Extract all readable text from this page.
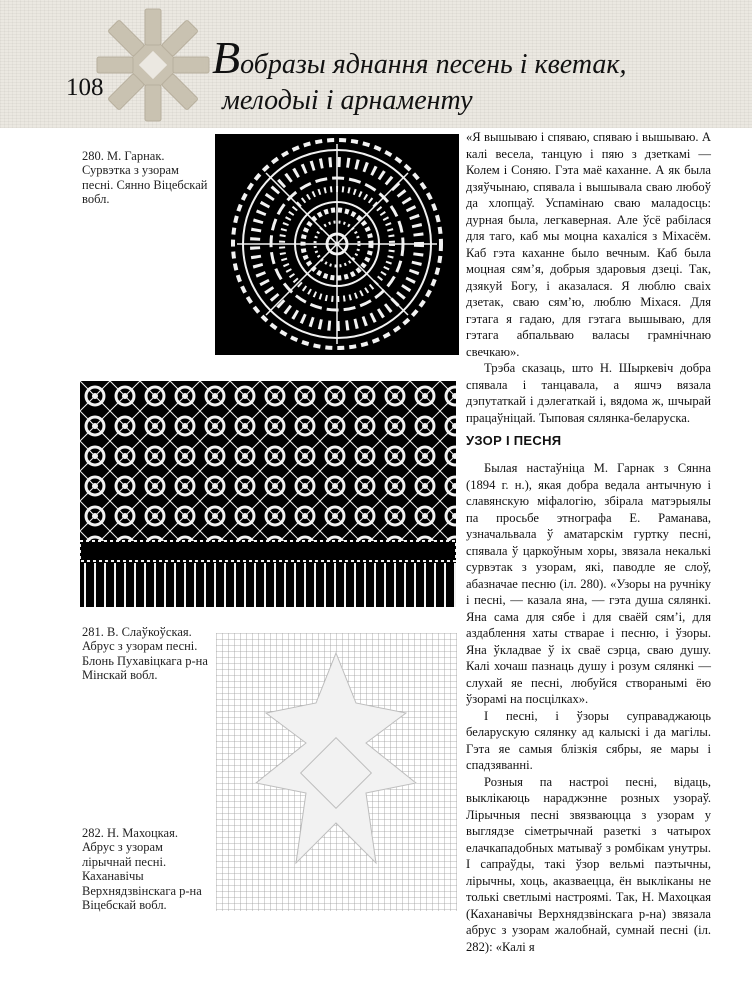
108
Вобразы яднання песень і кветак,
мелодыі і арнаменту
280. М. Гарнак. Сурвэтка з узорам песні. Сянно Віцебскай вобл.
281. В. Слаўкоўская. Абрус з узорам песні. Блонь Пухавіцкага р-на Мінскай вобл.
282. Н. Махоцкая. Абрус з узорам лірычнай песні. Каханавічы Верхнядзвінскага р-на Віцебскай вобл.

«Я вышываю і спяваю, спяваю і вышываю. А калі весела, танцую і пяю з дзеткамі — Колем і Соняю. Гэта маё каханне. А як была дзяўчынаю, спявала і вышывала сваю любоў да хлопцаў. Успамінаю сваю маладосць: дурная была, легкаверная. Але ўсё рабілася для таго, каб мы моцна кахаліся з Міхасём. Каб гэта каханне было вечным. Каб была моцная сям’я, добрыя здаровыя дзеці. Так, дзякуй Богу, і аказалася. Я люблю сваіх дзетак, сваю сям’ю, люблю Міхася. Для гэтага я гадаю, для гэтага вышываю, для гэтага абпальваю валасы грамнічнаю свечкаю».

Трэба сказаць, што Н. Шыркевіч добра спявала і танцавала, а яшчэ вязала дэпутаткай і дэлегаткай і, вядома ж, шчырай працаўніцай. Тыповая сялянка-беларуска.

УЗОР І ПЕСНЯ

Былая настаўніца М. Гарнак з Сянна (1894 г. н.), якая добра ведала антычную і славянскую міфалогію, збірала матэрыялы па просьбе этнографа Е. Раманава, узначальвала ў аматарскім гуртку песні, спявала ў царкоўным хоры, звязала некалькі сурвэтак з узорам, які, паводле яе слоў, абазначае песню (іл. 280). «Узоры на ручніку і песні, — казала яна, — гэта душа сялянкі. Яна сама для сябе і для сваёй сям’і, для аздаблення хаты стварае і песню, і ўзоры. Яна ўкладвае ў іх сваё сэрца, сваю душу. Калі хочаш пазнаць душу і розум сялянкі — слухай яе песні, любуйся створанымі ёю ўзорамі на посцілках».

І песні, і ўзоры суправаджаюць беларускую сялянку ад калыскі і да магілы. Гэта яе самыя блізкія сябры, яе мары і спадзяванні.

Розныя па настроі песні, відаць, выклікаюць нараджэнне розных узораў. Лірычныя песні звязваюцца з узорам у выглядзе сіметрычнай разеткі з чатырох елачкападобных матываў з ромбікам унутры. І сапраўды, такі ўзор вельмі паэтычны, лірычны, хоць, аказваецца, ён выкліканы не толькі светлымі настроямі. Так, Н. Махоцкая (Каханавічы Верхнядзвінскага р-на) звязала абрус з узорам жалобнай, сумнай песні (іл. 282): «Калі я
